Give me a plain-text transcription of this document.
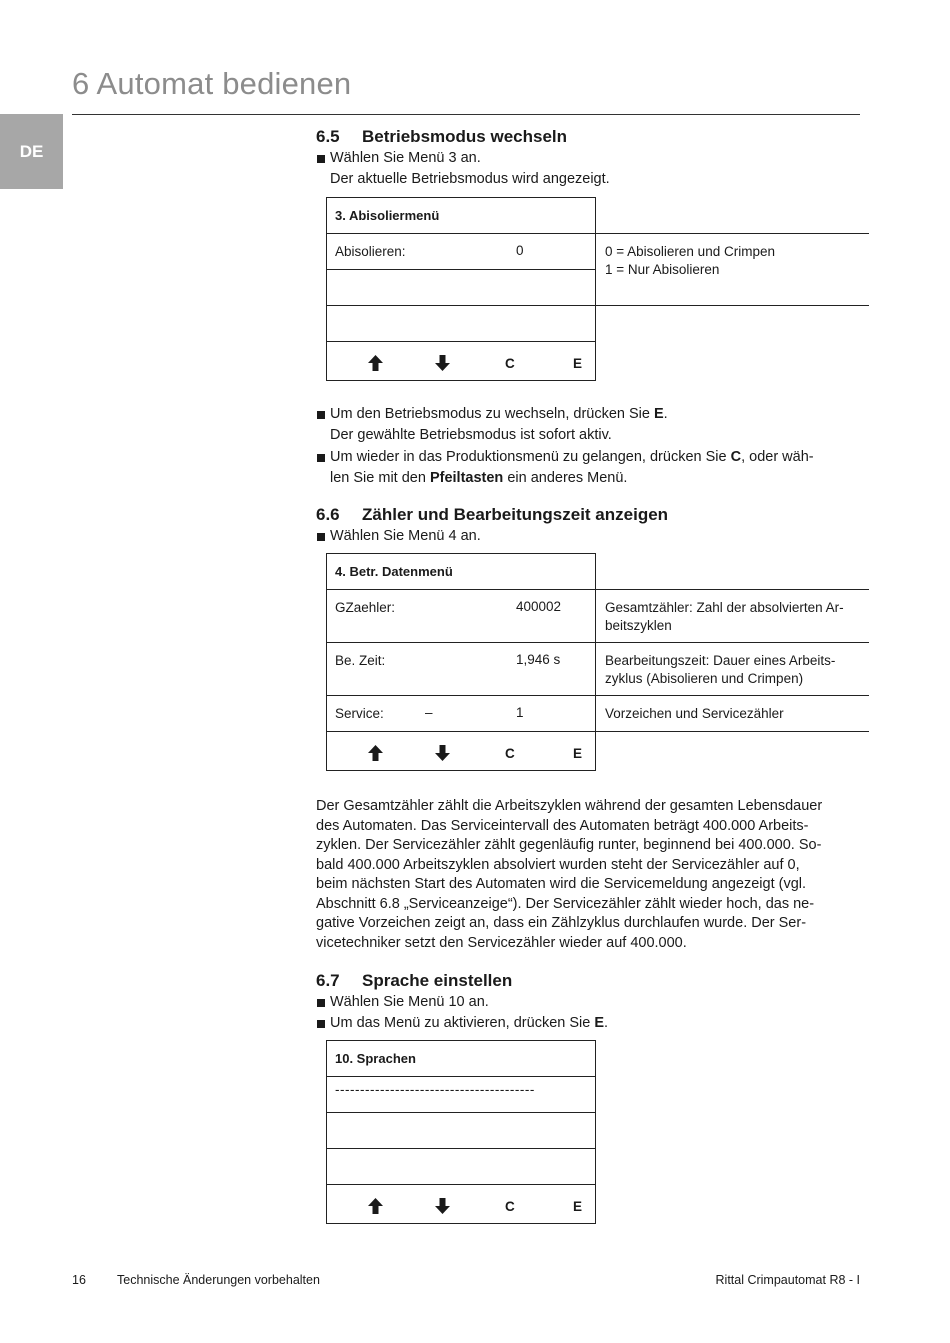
6 Automat bedienen
DE
6.5 Betriebsmodus wechseln
Wählen Sie Menü 3 an.
Der aktuelle Betriebsmodus wird angezeigt.
3. Abisoliermenü
Abisolieren:	0	0 = Abisolieren und Crimpen
1 = Nur Abisolieren
C	E
Um den Betriebsmodus zu wechseln, drücken Sie E.
Der gewählte Betriebsmodus ist sofort aktiv.
Um wieder in das Produktionsmenü zu gelangen, drücken Sie C, oder wäh-
len Sie mit den Pfeiltasten ein anderes Menü.
6.6 Zähler und Bearbeitungszeit anzeigen
Wählen Sie Menü 4 an.
4. Betr. Datenmenü
GZaehler:	400002	Gesamtzähler: Zahl der absolvierten Ar-
beitszyklen
Be. Zeit:	1,946 s	Bearbeitungszeit: Dauer eines Arbeits-
zyklus (Abisolieren und Crimpen)
Service:	–	1	Vorzeichen und Servicezähler
C	E
Der Gesamtzähler zählt die Arbeitszyklen während der gesamten Lebensdauer
des Automaten. Das Serviceintervall des Automaten beträgt 400.000 Arbeits-
zyklen. Der Servicezähler zählt gegenläufig runter, beginnend bei 400.000. So-
bald 400.000 Arbeitszyklen absolviert wurden steht der Servicezähler auf 0,
beim nächsten Start des Automaten wird die Servicemeldung angezeigt (vgl.
Abschnitt 6.8 „Serviceanzeige“). Der Servicezähler zählt wieder hoch, das ne-
gative Vorzeichen zeigt an, dass ein Zählzyklus durchlaufen wurde. Der Ser-
vicetechniker setzt den Servicezähler wieder auf 400.000.
6.7 Sprache einstellen
Wählen Sie Menü 10 an.
Um das Menü zu aktivieren, drücken Sie E.
10. Sprachen
----------------------------------------
C	E
16 Technische Änderungen vorbehalten	Rittal Crimpautomat R8 - I
